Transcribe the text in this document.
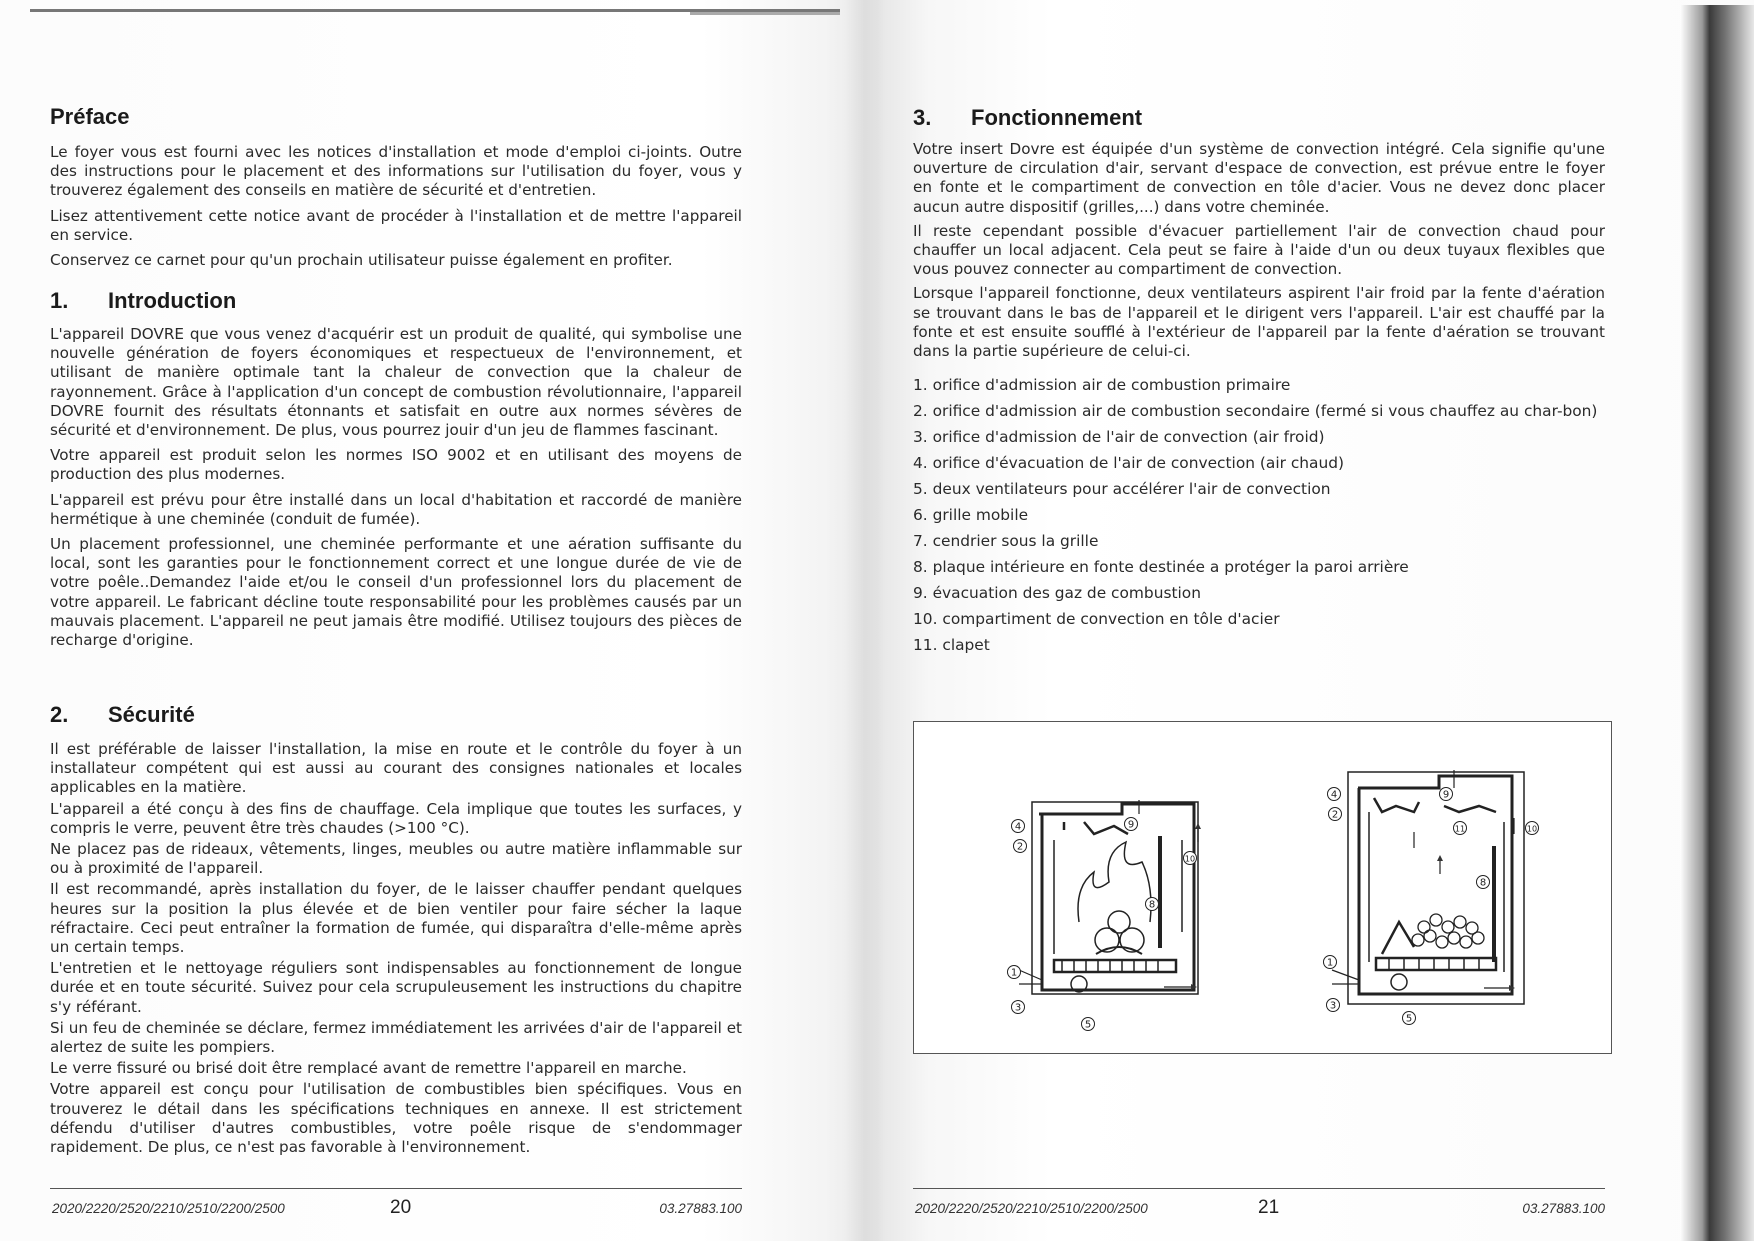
Préface

Le foyer vous est fourni avec les notices d'installation et mode d'emploi ci-joints. Outre des instructions pour le placement et des informations sur l'utilisation du foyer, vous y trouverez également des conseils en matière de sécurité et d'entretien.

Lisez attentivement cette notice avant de procéder à l'installation et de mettre l'appareil en service.

Conservez ce carnet pour qu'un prochain utilisateur puisse également en profiter.

1. Introduction

L'appareil DOVRE que vous venez d'acquérir est un produit de qualité, qui symbolise une nouvelle génération de foyers économiques et respectueux de l'environnement, et utilisant de manière optimale tant la chaleur de convection que la chaleur de rayonnement. Grâce à l'application d'un concept de combustion révolutionnaire, l'appareil DOVRE fournit des résultats étonnants et satisfait en outre aux normes sévères de sécurité et d'environnement. De plus, vous pourrez jouir d'un jeu de flammes fascinant.

Votre appareil est produit selon les normes ISO 9002 et en utilisant des moyens de production des plus modernes.

L'appareil est prévu pour être installé dans un local d'habitation et raccordé de manière hermétique à une cheminée (conduit de fumée).

Un placement professionnel, une cheminée performante et une aération suffisante du local, sont les garanties pour le fonctionnement correct et une longue durée de vie de votre poêle..Demandez l'aide et/ou le conseil d'un professionnel lors du placement de votre appareil. Le fabricant décline toute responsabilité pour les problèmes causés par un mauvais placement. L'appareil ne peut jamais être modifié. Utilisez toujours des pièces de recharge d'origine.

2. Sécurité

Il est préférable de laisser l'installation, la mise en route et le contrôle du foyer à un installateur compétent qui est aussi au courant des consignes nationales et locales applicables en la matière.

L'appareil a été conçu à des fins de chauffage. Cela implique que toutes les surfaces, y compris le verre, peuvent être très chaudes (>100 °C).

Ne placez pas de rideaux, vêtements, linges, meubles ou autre matière inflammable sur ou à proximité de l'appareil.

Il est recommandé, après installation du foyer, de le laisser chauffer pendant quelques heures sur la position la plus élevée et de bien ventiler pour faire sécher la laque réfractaire. Ceci peut entraîner la formation de fumée, qui disparaîtra d'elle-même après un certain temps.

L'entretien et le nettoyage réguliers sont indispensables au fonctionnement de longue durée et en toute sécurité. Suivez pour cela scrupuleusement les instructions du chapitre s'y référant.

Si un feu de cheminée se déclare, fermez immédiatement les arrivées d'air de l'appareil et alertez de suite les pompiers.

Le verre fissuré ou brisé doit être remplacé avant de remettre l'appareil en marche.

Votre appareil est conçu pour l'utilisation de combustibles bien spécifiques. Vous en trouverez le détail dans les spécifications techniques en annexe. Il est strictement défendu d'utiliser d'autres combustibles, votre poêle risque de s'endommager rapidement. De plus, ce n'est pas favorable à l'environnement.

2020/2220/2520/2210/2510/2200/2500	20	03.27883.100
3. Fonctionnement

Votre insert Dovre est équipée d'un système de convection intégré. Cela signifie qu'une ouverture de circulation d'air, servant d'espace de convection, est prévue entre le foyer en fonte et le compartiment de convection en tôle d'acier. Vous ne devez donc placer aucun autre dispositif (grilles,...) dans votre cheminée.

Il reste cependant possible d'évacuer partiellement l'air de convection chaud pour chauffer un local adjacent. Cela peut se faire à l'aide d'un ou deux tuyaux flexibles que vous pouvez connecter au compartiment de convection.

Lorsque l'appareil fonctionne, deux ventilateurs aspirent l'air froid par la fente d'aération se trouvant dans le bas de l'appareil et le dirigent vers l'appareil. L'air est chauffé par la fonte et est ensuite soufflé à l'extérieur de l'appareil par la fente d'aération se trouvant dans la partie supérieure de celui-ci.

1. orifice d'admission air de combustion primaire
2. orifice d'admission air de combustion secondaire (fermé si vous chauffez au char-bon)
3. orifice d'admission de l'air de convection (air froid)
4. orifice d'évacuation de l'air de convection (air chaud)
5. deux ventilateurs pour accélérer l'air de convection
6. grille mobile
7. cendrier sous la grille
8. plaque intérieure en fonte destinée a protéger la paroi arrière
9. évacuation des gaz de combustion
10. compartiment de convection en tôle d'acier
11. clapet
4
2
9
10
8
1
3
5
4
2
9
11	10
8
1
3
5
2020/2220/2520/2210/2510/2200/2500	21	03.27883.100
